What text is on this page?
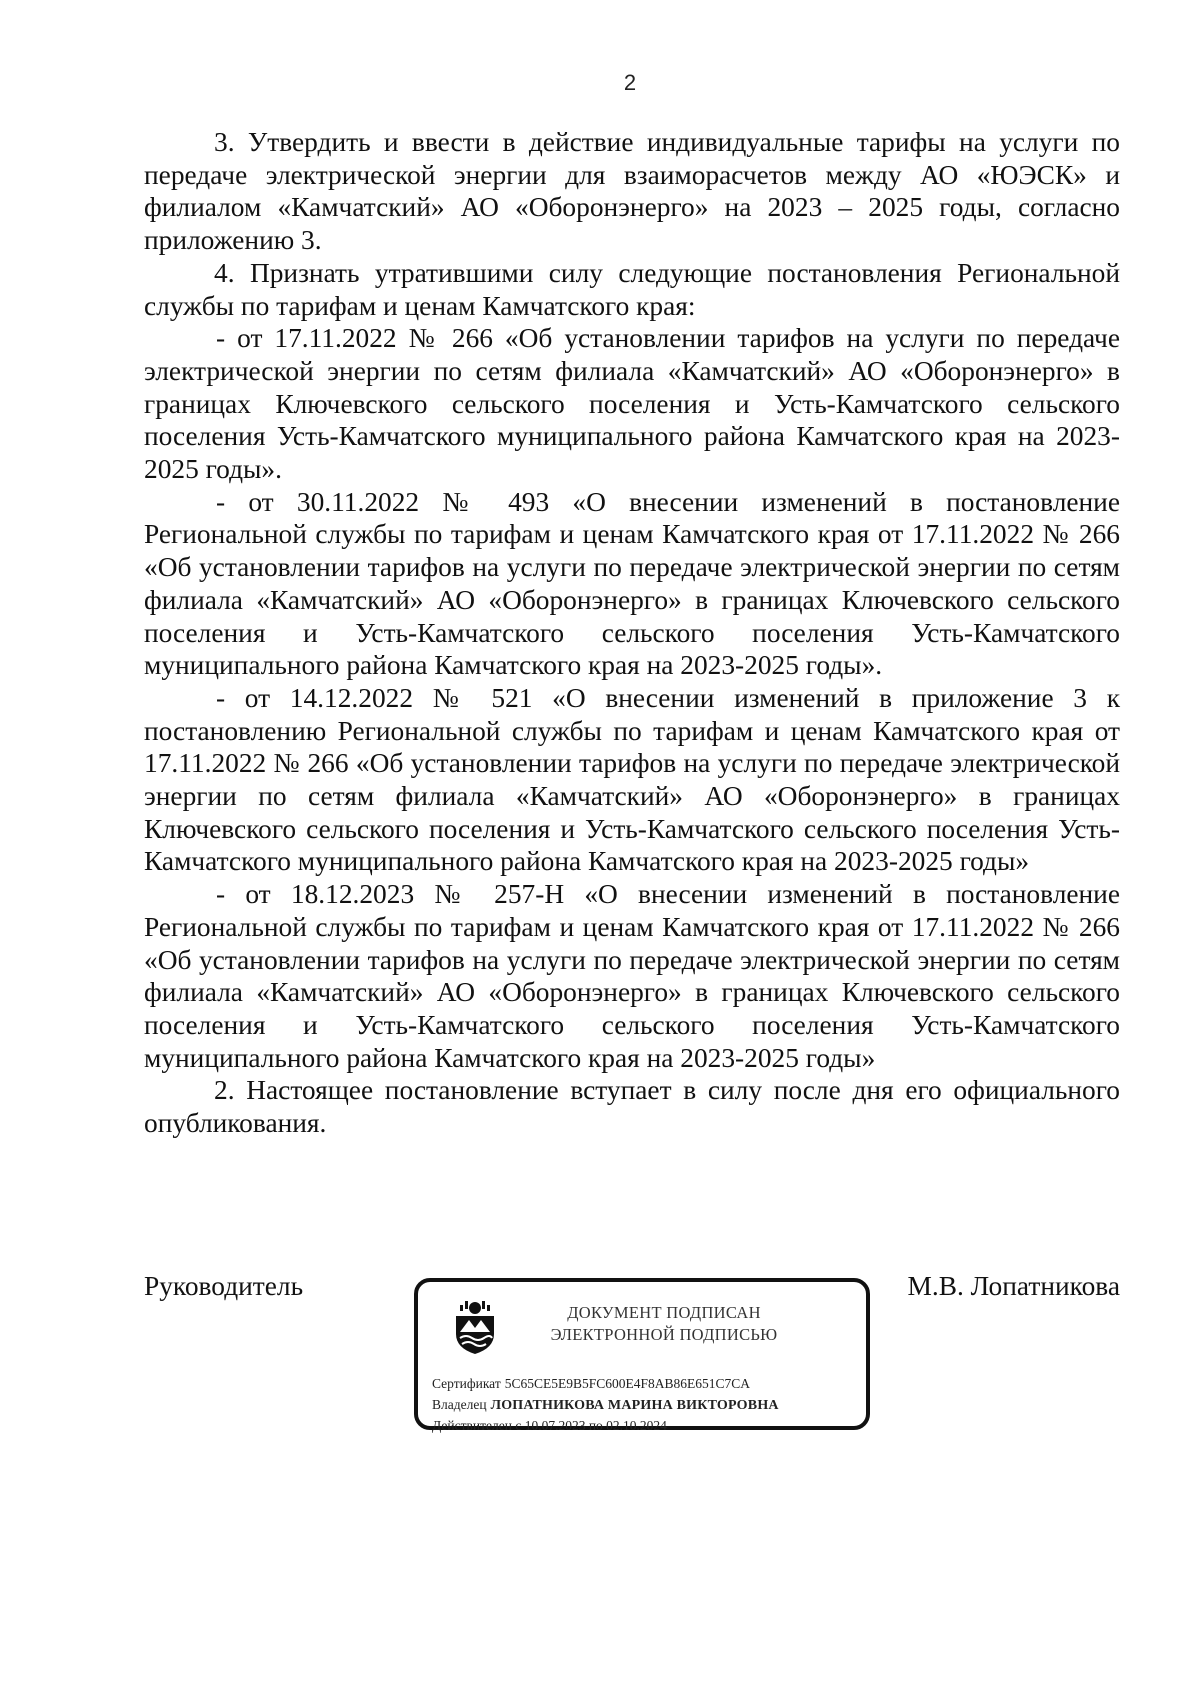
2

3. Утвердить и ввести в действие индивидуальные тарифы на услуги по передаче электрической энергии для взаиморасчетов между АО «ЮЭСК» и филиалом «Камчатский» АО «Оборонэнерго» на 2023 – 2025 годы, согласно приложению 3.

4. Признать утратившими силу следующие постановления Региональной службы по тарифам и ценам Камчатского края:

- от 17.11.2022 № 266 «Об установлении тарифов на услуги по передаче электрической энергии по сетям филиала «Камчатский» АО «Оборонэнерго» в границах Ключевского сельского поселения и Усть-Камчатского сельского поселения Усть-Камчатского муниципального района Камчатского края на 2023-2025 годы».

- от 30.11.2022 № 493 «О внесении изменений в постановление Региональной службы по тарифам и ценам Камчатского края от 17.11.2022 № 266 «Об установлении тарифов на услуги по передаче электрической энергии по сетям филиала «Камчатский» АО «Оборонэнерго» в границах Ключевского сельского поселения и Усть-Камчатского сельского поселения Усть-Камчатского муниципального района Камчатского края на 2023-2025 годы».

- от 14.12.2022 № 521 «О внесении изменений в приложение 3 к постановлению Региональной службы по тарифам и ценам Камчатского края от 17.11.2022 № 266 «Об установлении тарифов на услуги по передаче электрической энергии по сетям филиала «Камчатский» АО «Оборонэнерго» в границах Ключевского сельского поселения и Усть-Камчатского сельского поселения Усть-Камчатского муниципального района Камчатского края на 2023-2025 годы»

- от 18.12.2023 № 257-Н «О внесении изменений в постановление Региональной службы по тарифам и ценам Камчатского края от 17.11.2022 № 266 «Об установлении тарифов на услуги по передаче электрической энергии по сетям филиала «Камчатский» АО «Оборонэнерго» в границах Ключевского сельского поселения и Усть-Камчатского сельского поселения Усть-Камчатского муниципального района Камчатского края на 2023-2025 годы»

2. Настоящее постановление вступает в силу после дня его официального опубликования.

Руководитель	М.В. Лопатникова
ДОКУМЕНТ ПОДПИСАН
ЭЛЕКТРОННОЙ ПОДПИСЬЮ
Сертификат 5C65CE5E9B5FC600E4F8AB86E651C7CA
Владелец ЛОПАТНИКОВА МАРИНА ВИКТОРОВНА
Действителен с 10.07.2023 по 02.10.2024
